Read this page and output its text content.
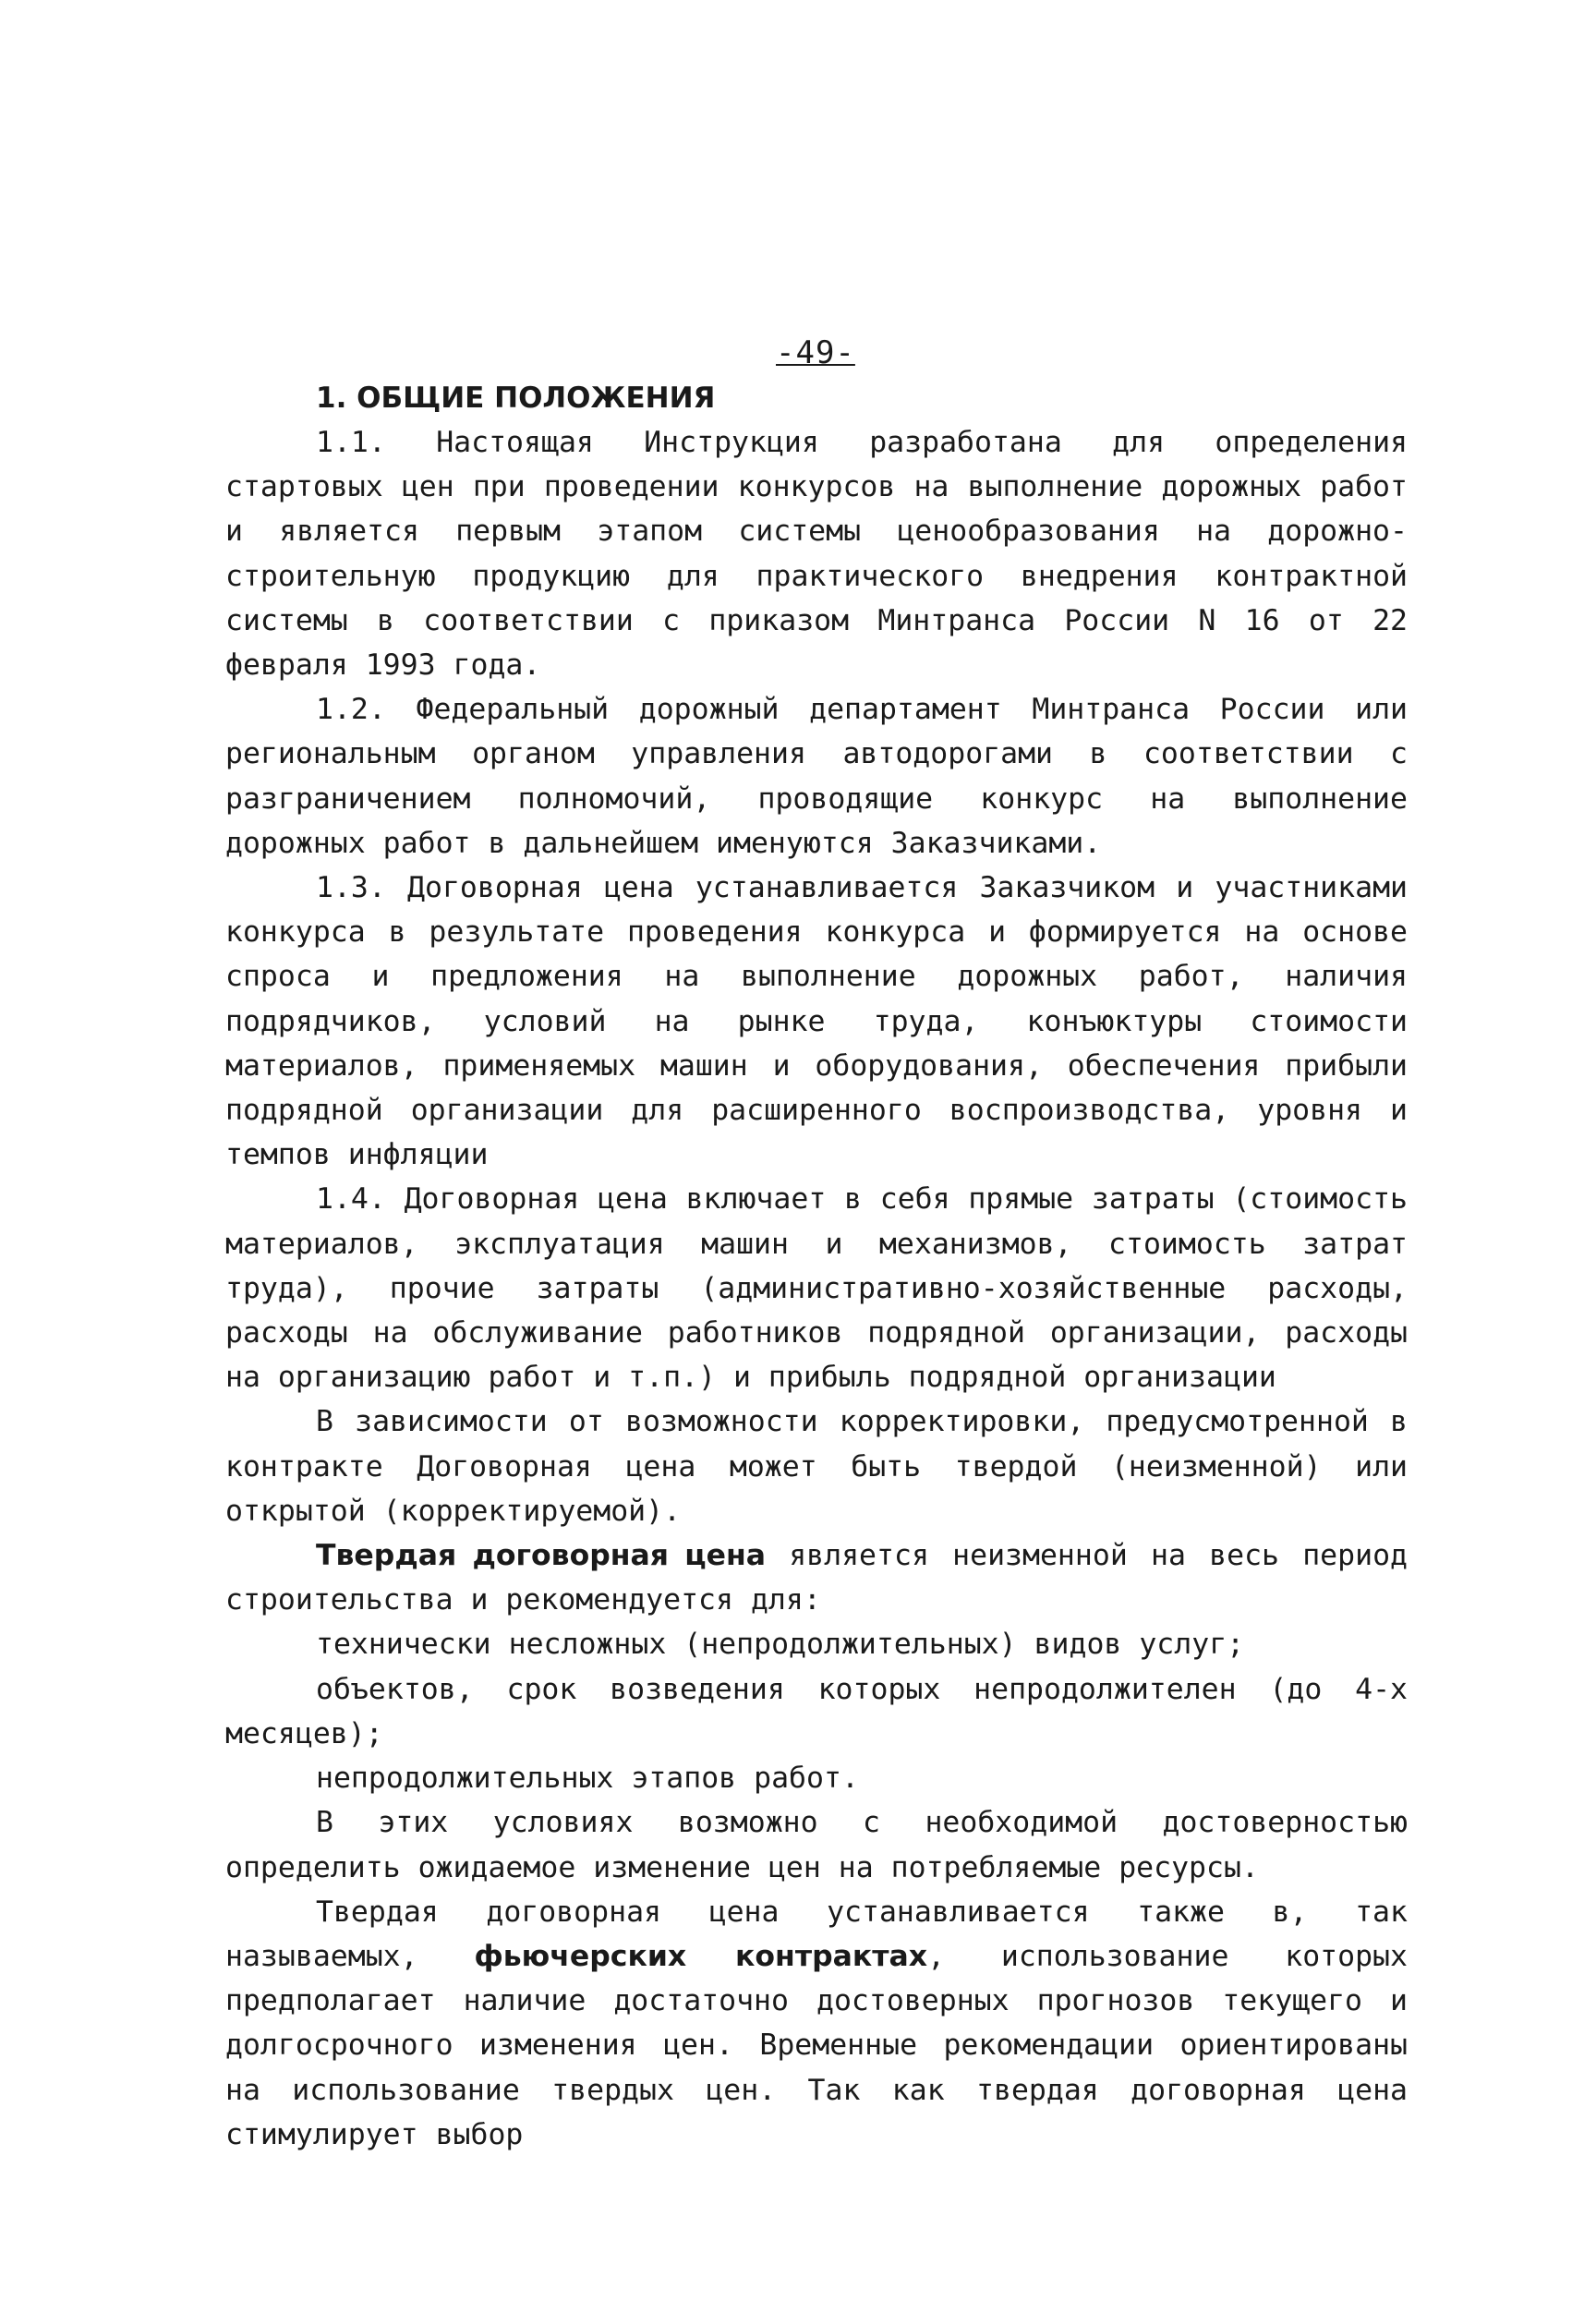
-49-
1. ОБЩИЕ ПОЛОЖЕНИЯ

1.1. Настоящая Инструкция разработана для определения стартовых цен при проведении конкурсов на выполнение дорожных работ и является первым этапом системы ценообразования на дорожно-строительную продукцию для практического внедрения контрактной системы в соответствии с приказом Минтранса России N 16 от 22 февраля 1993 года.

1.2. Федеральный дорожный департамент Минтранса России или региональным органом управления автодорогами в соответствии с разграничением полномочий, проводящие конкурс на выполнение дорожных работ в дальнейшем именуются Заказчиками.

1.3. Договорная цена устанавливается Заказчиком и участниками конкурса в результате проведения конкурса и формируется на основе спроса и предложения на выполнение дорожных работ, наличия подрядчиков, условий на рынке труда, конъюктуры стоимости материалов, применяемых машин и оборудования, обеспечения прибыли подрядной организации для расширенного воспроизводства, уровня и темпов инфляции

1.4. Договорная цена включает в себя прямые затраты (стоимость материалов, эксплуатация машин и механизмов, стоимость затрат труда), прочие затраты (административно-хозяйственные расходы, расходы на обслуживание работников подрядной организации, расходы на организацию работ и т.п.) и прибыль подрядной организации

В зависимости от возможности корректировки, предусмотренной в контракте Договорная цена может быть твердой (неизменной) или открытой (корректируемой).

Твердая договорная цена является неизменной на весь период строительства и рекомендуется для:

технически несложных (непродолжительных) видов услуг;

объектов, срок возведения которых непродолжителен (до 4-х месяцев);

непродолжительных этапов работ.

В этих условиях возможно с необходимой достоверностью определить ожидаемое изменение цен на потребляемые ресурсы.

Твердая договорная цена устанавливается также в, так называемых, фьючерских контрактах, использование которых предполагает наличие достаточно достоверных прогнозов текущего и долгосрочного изменения цен. Временные рекомендации ориентированы на использование твердых цен. Так как твердая договорная цена стимулирует выбор
